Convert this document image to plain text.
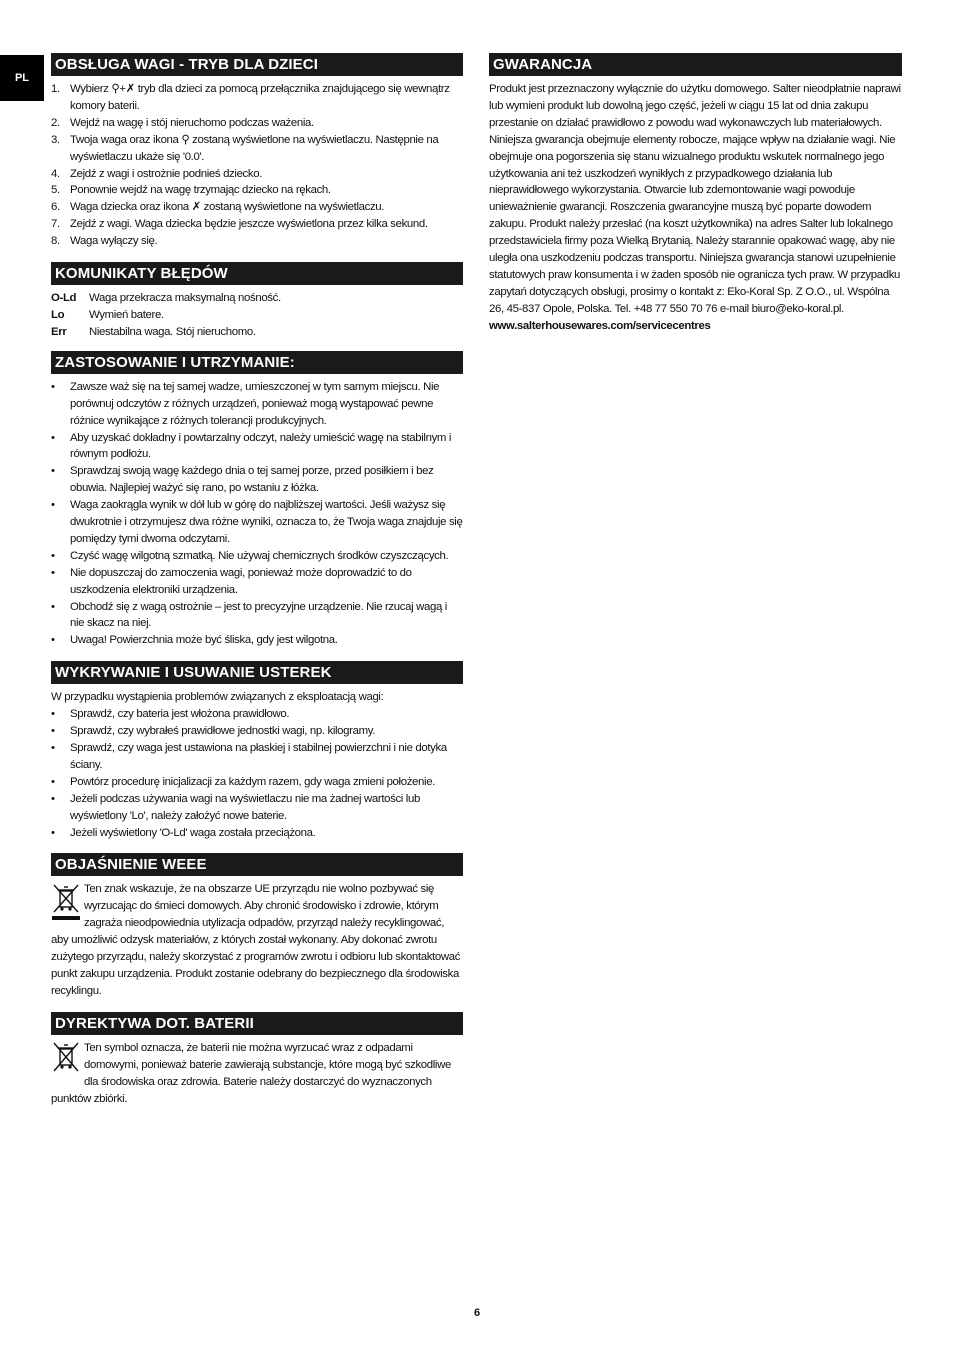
PL
OBSŁUGA WAGI - TRYB DLA DZIECI
1. Wybierz ⚲+✗ tryb dla dzieci za pomocą przełącznika znajdującego się wewnątrz komory baterii.
2. Wejdź na wagę i stój nieruchomo podczas ważenia.
3. Twoja waga oraz ikona ⚲ zostaną wyświetlone na wyświetlaczu. Następnie na wyświetlaczu ukaże się '0.0'.
4. Zejdź z wagi i ostrożnie podnieś dziecko.
5. Ponownie wejdź na wagę trzymając dziecko na rękach.
6. Waga dziecka oraz ikona ✗ zostaną wyświetlone na wyświetlaczu.
7. Zejdź z wagi. Waga dziecka będzie jeszcze wyświetlona przez kilka sekund.
8. Waga wyłączy się.
KOMUNIKATY BŁĘDÓW
O-Ld	Waga przekracza maksymalną nośność.
Lo	Wymień batere.
Err	Niestabilna waga. Stój nieruchomo.
ZASTOSOWANIE I UTRZYMANIE:
•	Zawsze waż się na tej samej wadze, umieszczonej w tym samym miejscu. Nie porównuj odczytów z różnych urządzeń, ponieważ mogą wystąpować pewne różnice wynikające z różnych tolerancji produkcyjnych.
•	Aby uzyskać dokładny i powtarzalny odczyt, należy umieścić wagę na stabilnym i równym podłożu.
•	Sprawdzaj swoją wagę każdego dnia o tej samej porze, przed posiłkiem i bez obuwia. Najlepiej ważyć się rano, po wstaniu z łóżka.
•	Waga zaokrągla wynik w dół lub w górę do najbliższej wartości. Jeśli ważysz się dwukrotnie i otrzymujesz dwa różne wyniki, oznacza to, że Twoja waga znajduje się pomiędzy tymi dwoma odczytami.
•	Czyść wagę wilgotną szmatką. Nie używaj chemicznych środków czyszczących.
•	Nie dopuszczaj do zamoczenia wagi, ponieważ może doprowadzić to do uszkodzenia elektroniki urządzenia.
•	Obchodź się z wagą ostrożnie – jest to precyzyjne urządzenie. Nie rzucaj wagą i nie skacz na niej.
•	Uwaga! Powierzchnia może być śliska, gdy jest wilgotna.
WYKRYWANIE I USUWANIE USTEREK
W przypadku wystąpienia problemów związanych z eksploatacją wagi:
•	Sprawdź, czy bateria jest włożona prawidłowo.
•	Sprawdź, czy wybrałeś prawidłowe jednostki wagi, np. kilogramy.
•	Sprawdź, czy waga jest ustawiona na płaskiej i stabilnej powierzchni i nie dotyka ściany.
•	Powtórz procedurę inicjalizacji za każdym razem, gdy waga zmieni położenie.
•	Jeżeli podczas używania wagi na wyświetlaczu nie ma żadnej wartości lub wyświetlony 'Lo', należy założyć nowe baterie.
•	Jeżeli wyświetlony 'O-Ld' waga została przeciążona.
OBJAŚNIENIE WEEE
Ten znak wskazuje, że na obszarze UE przyrządu nie wolno pozbywać się wyrzucając do śmieci domowych. Aby chronić środowisko i zdrowie, którym zagraża nieodpowiednia utylizacja odpadów, przyrząd należy recyklingować, aby umożliwić odzysk materiałów, z których został wykonany. Aby dokonać zwrotu zużytego przyrządu, należy skorzystać z programów zwrotu i odbioru lub skontaktować punkt zakupu urządzenia. Produkt zostanie odebrany do bezpiecznego dla środowiska recyklingu.
DYREKTYWA DOT. BATERII
Ten symbol oznacza, że baterii nie można wyrzucać wraz z odpadami domowymi, ponieważ baterie zawierają substancje, które mogą być szkodliwe dla środowiska oraz zdrowia. Baterie należy dostarczyć do wyznaczonych punktów zbiórki.
GWARANCJA

Produkt jest przeznaczony wyłącznie do użytku domowego. Salter nieodpłatnie naprawi lub wymieni produkt lub dowolną jego część, jeżeli w ciągu 15 lat od dnia zakupu przestanie on działać prawidłowo z powodu wad wykonawczych lub materiałowych. Niniejsza gwarancja obejmuje elementy robocze, mające wpływ na działanie wagi. Nie obejmuje ona pogorszenia się stanu wizualnego produktu wskutek normalnego jego użytkowania ani też uszkodzeń wynikłych z przypadkowego działania lub nieprawidłowego wykorzystania. Otwarcie lub zdemontowanie wagi powoduje unieważnienie gwarancji. Roszczenia gwarancyjne muszą być poparte dowodem zakupu. Produkt należy przesłać (na koszt użytkownika) na adres Salter lub lokalnego przedstawiciela firmy poza Wielką Brytanią. Należy starannie opakować wagę, aby nie uległa ona uszkodzeniu podczas transportu. Niniejsza gwarancja stanowi uzupełnienie statutowych praw konsumenta i w żaden sposób nie ogranicza tych praw. W przypadku zapytań dotyczących obsługi, prosimy o kontakt z: Eko-Koral Sp. Z O.O., ul. Wspólna 26, 45-837 Opole, Polska. Tel. +48 77 550 70 76 e-mail biuro@eko-koral.pl.

www.salterhousewares.com/servicecentres

6
